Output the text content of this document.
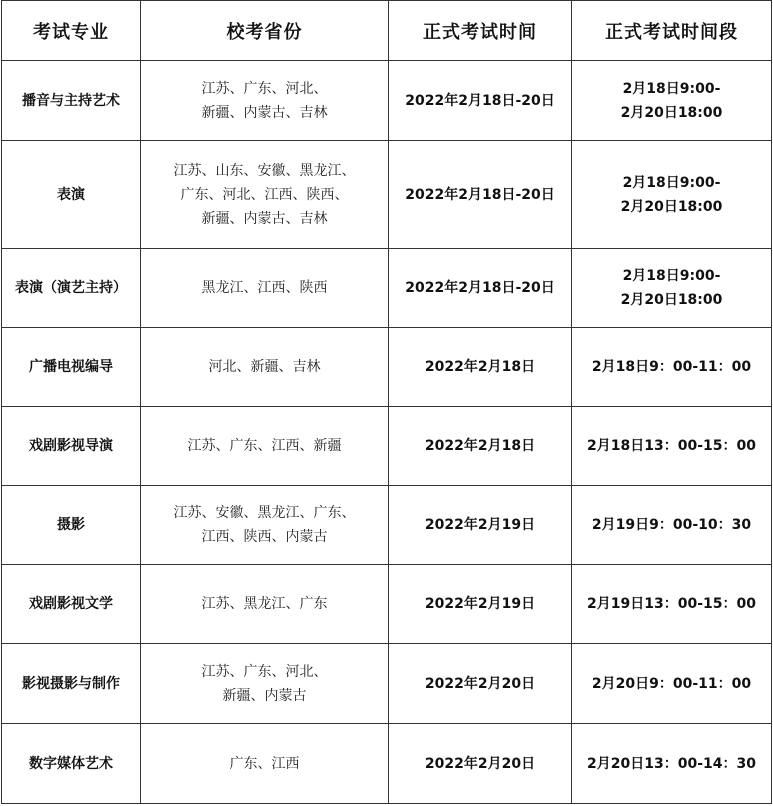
考试专业	校考省份	正式考试时间	正式考试时间段
播音与主持艺术	江苏、广东、河北、
新疆、内蒙古、吉林	2022年2月18日-20日	2月18日9:00-
2月20日18:00

表演	江苏、山东、安徽、黑龙江、
广东、河北、江西、陕西、
新疆、内蒙古、吉林	2022年2月18日-20日	2月18日9:00-
2月20日18:00

表演（演艺主持）	黑龙江、江西、陕西	2022年2月18日-20日	2月18日9:00-
2月20日18:00

广播电视编导	河北、新疆、吉林	2022年2月18日	2月18日9：00-11：00

戏剧影视导演	江苏、广东、江西、新疆	2022年2月18日	2月18日13：00-15：00

摄影	江苏、安徽、黑龙江、广东、
江西、陕西、内蒙古	2022年2月19日	2月19日9：00-10：30

戏剧影视文学	江苏、黑龙江、广东	2022年2月19日	2月19日13：00-15：00

影视摄影与制作	江苏、广东、河北、
新疆、内蒙古	2022年2月20日	2月20日9：00-11：00

数字媒体艺术	广东、江西	2022年2月20日	2月20日13：00-14：30
